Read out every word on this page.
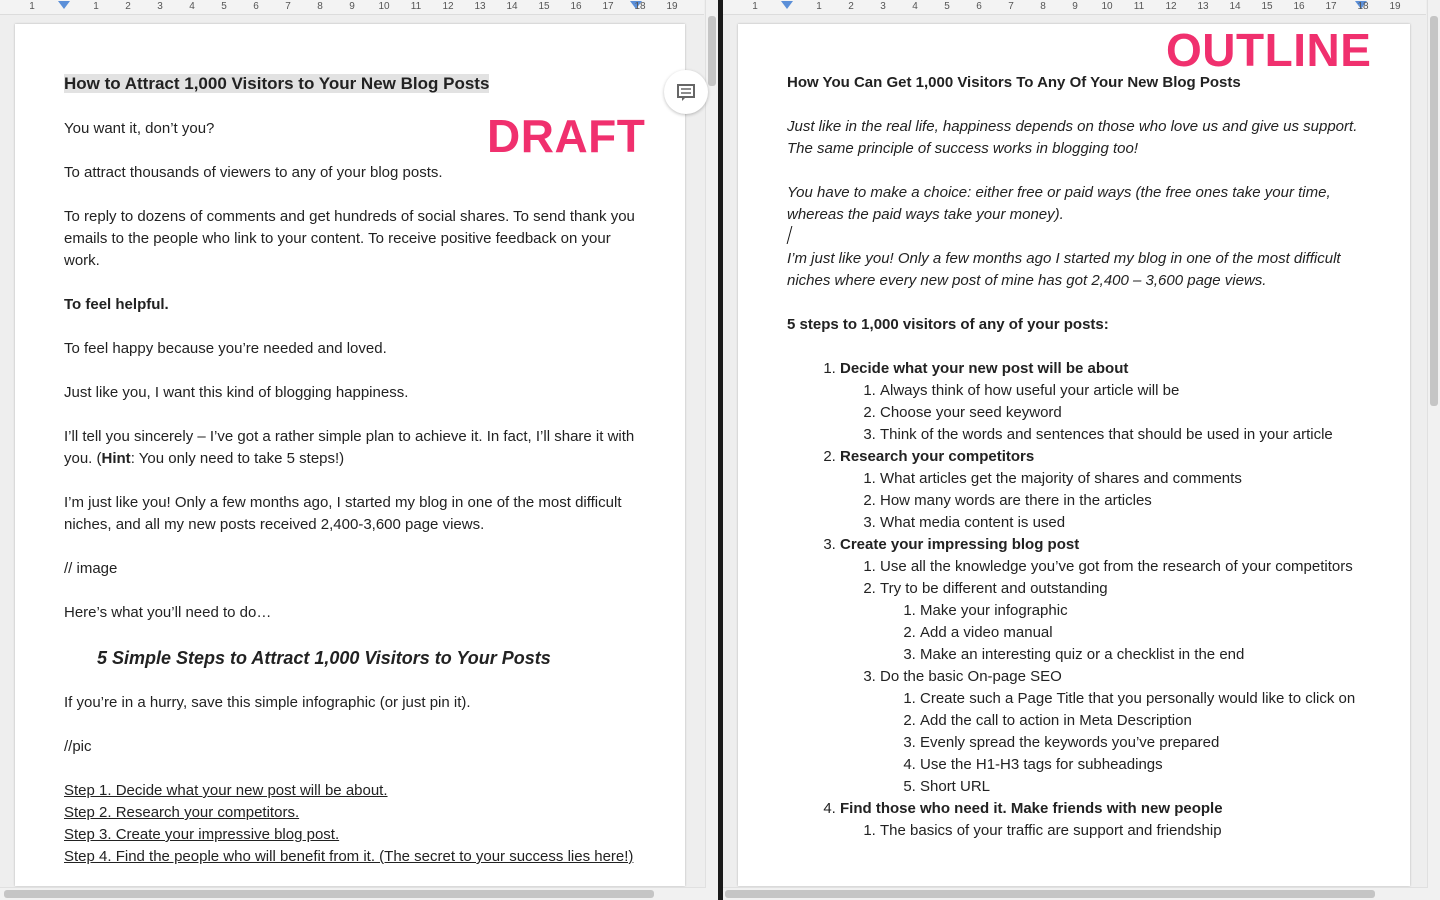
1	1	2	3	4	5	6	7	8	9	10	11	12	13	14	15	16	17	18	19

How to Attract 1,000 Visitors to Your New Blog Posts

You want it, don’t you?

To attract thousands of viewers to any of your blog posts.

To reply to dozens of comments and get hundreds of social shares. To send thank you emails to the people who link to your content. To receive positive feedback on your work.

To feel helpful.

To feel happy because you’re needed and loved.

Just like you, I want this kind of blogging happiness.

I’ll tell you sincerely – I’ve got a rather simple plan to achieve it. In fact, I’ll share it with you. (Hint: You only need to take 5 steps!)

I’m just like you! Only a few months ago, I started my blog in one of the most difficult niches, and all my new posts received 2,400-3,600 page views.

// image

Here’s what you’ll need to do…

5 Simple Steps to Attract 1,000 Visitors to Your Posts

If you’re in a hurry, save this simple infographic (or just pin it).

//pic

Step 1. Decide what your new post will be about.

Step 2. Research your competitors.

Step 3. Create your impressive blog post.

Step 4. Find the people who will benefit from it. (The secret to your success lies here!)

1	1	2	3	4	5	6	7	8	9	10	11	12	13	14	15	16	17	18	19

How You Can Get 1,000 Visitors To Any Of Your New Blog Posts

Just like in the real life, happiness depends on those who love us and give us support. The same principle of success works in blogging too!

You have to make a choice: either free or paid ways (the free ones take your time, whereas the paid ways take your money).

I’m just like you! Only a few months ago I started my blog in one of the most difficult niches where every new post of mine has got 2,400 – 3,600 page views.

5 steps to 1,000 visitors of any of your posts:

1. Decide what your new post will be about
1. Always think of how useful your article will be
2. Choose your seed keyword
3. Think of the words and sentences that should be used in your article
2. Research your competitors
1. What articles get the majority of shares and comments
2. How many words are there in the articles
3. What media content is used
3. Create your impressing blog post
1. Use all the knowledge you’ve got from the research of your competitors
2. Try to be different and outstanding
1. Make your infographic
2. Add a video manual
3. Make an interesting quiz or a checklist in the end
3. Do the basic On-page SEO
1. Create such a Page Title that you personally would like to click on
2. Add the call to action in Meta Description
3. Evenly spread the keywords you’ve prepared
4. Use the H1-H3 tags for subheadings
5. Short URL
4. Find those who need it. Make friends with new people
1. The basics of your traffic are support and friendship
DRAFT
OUTLINE
